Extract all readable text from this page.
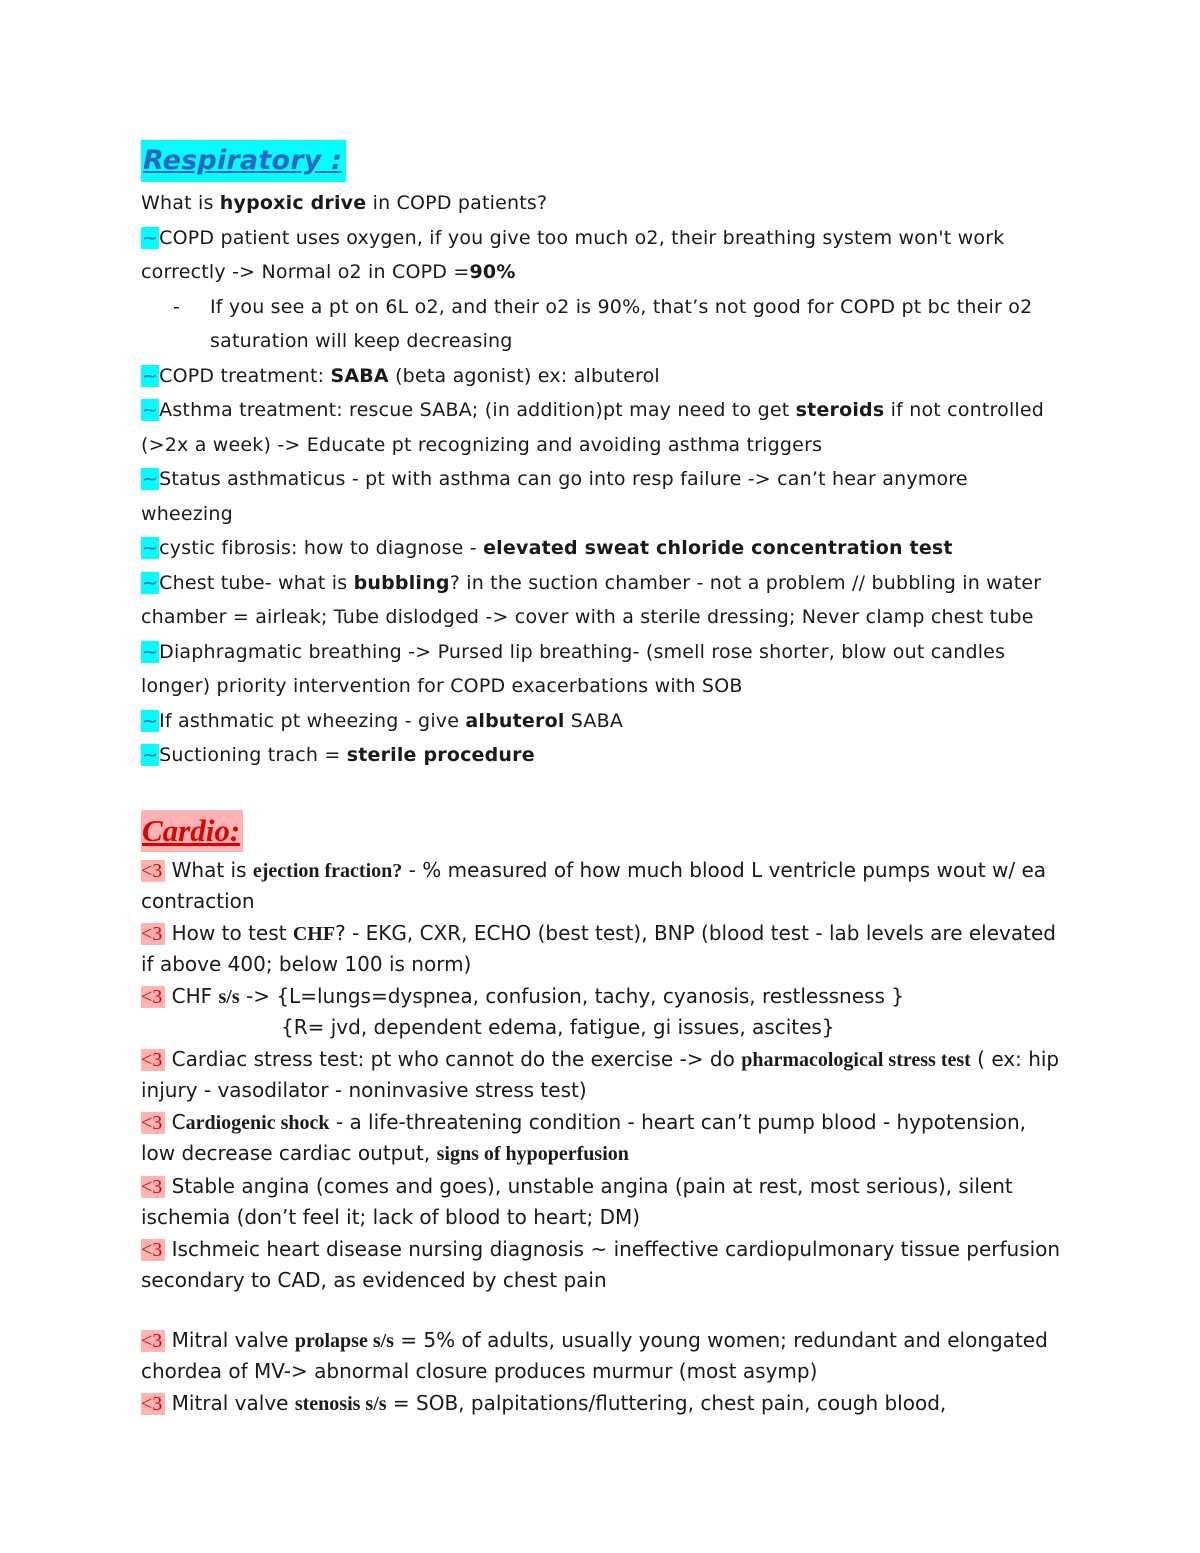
Respiratory :

What is hypoxic drive in COPD patients?

~COPD patient uses oxygen, if you give too much o2, their breathing system won't work correctly -> Normal o2 in COPD =90%

- If you see a pt on 6L o2, and their o2 is 90%, that’s not good for COPD pt bc their o2 saturation will keep decreasing

~COPD treatment: SABA (beta agonist) ex: albuterol

~Asthma treatment: rescue SABA; (in addition)pt may need to get steroids if not controlled (>2x a week) -> Educate pt recognizing and avoiding asthma triggers

~Status asthmaticus - pt with asthma can go into resp failure -> can’t hear anymore wheezing

~cystic fibrosis: how to diagnose - elevated sweat chloride concentration test

~Chest tube- what is bubbling? in the suction chamber - not a problem // bubbling in water chamber = airleak; Tube dislodged -> cover with a sterile dressing; Never clamp chest tube

~Diaphragmatic breathing -> Pursed lip breathing- (smell rose shorter, blow out candles longer) priority intervention for COPD exacerbations with SOB

~If asthmatic pt wheezing - give albuterol SABA

~Suctioning trach = sterile procedure

Cardio:

<3 What is ejection fraction? - % measured of how much blood L ventricle pumps wout w/ ea contraction

<3 How to test CHF? - EKG, CXR, ECHO (best test), BNP (blood test - lab levels are elevated if above 400; below 100 is norm)

<3 CHF s/s -> {L=lungs=dyspnea, confusion, tachy, cyanosis, restlessness }

{R= jvd, dependent edema, fatigue, gi issues, ascites}

<3 Cardiac stress test: pt who cannot do the exercise -> do pharmacological stress test ( ex: hip injury - vasodilator - noninvasive stress test)

<3 Cardiogenic shock - a life-threatening condition - heart can’t pump blood - hypotension, low decrease cardiac output, signs of hypoperfusion

<3 Stable angina (comes and goes), unstable angina (pain at rest, most serious), silent ischemia (don’t feel it; lack of blood to heart; DM)

<3 Ischmeic heart disease nursing diagnosis ~ ineffective cardiopulmonary tissue perfusion secondary to CAD, as evidenced by chest pain

<3 Mitral valve prolapse s/s = 5% of adults, usually young women; redundant and elongated chordea of MV-> abnormal closure produces murmur (most asymp)

<3 Mitral valve stenosis s/s = SOB, palpitations/fluttering, chest pain, cough blood,
